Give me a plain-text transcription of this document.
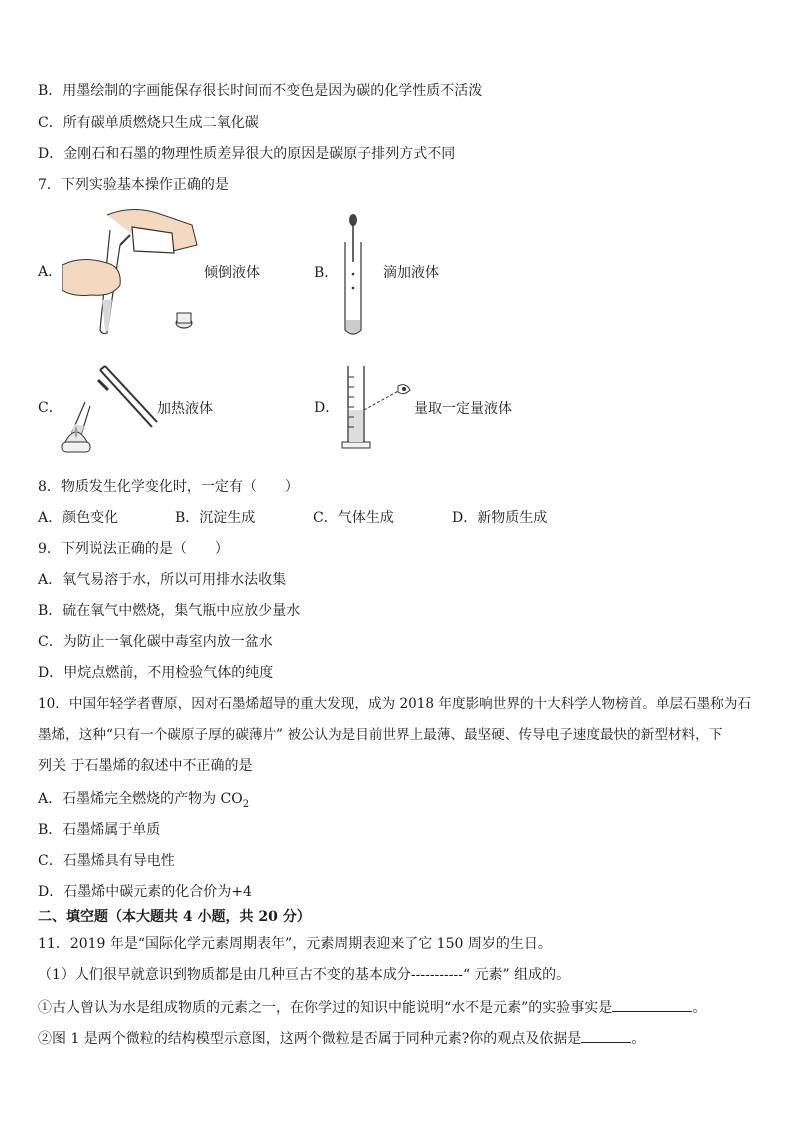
B．用墨绘制的字画能保存很长时间而不变色是因为碳的化学性质不活泼
C．所有碳单质燃烧只生成二氧化碳
D．金刚石和石墨的物理性质差异很大的原因是碳原子排列方式不同
7．下列实验基本操作正确的是
A．	倾倒液体	B．	滴加液体
C．	加热液体	D．	量取一定量液体
8．物质发生化学变化时，一定有（　　）
A．颜色变化	B．沉淀生成	C．气体生成	D．新物质生成
9．下列说法正确的是（　　）
A．氧气易溶于水，所以可用排水法收集
B．硫在氧气中燃烧，集气瓶中应放少量水
C．为防止一氧化碳中毒室内放一盆水
D．甲烷点燃前，不用检验气体的纯度
10．中国年轻学者曹原，因对石墨烯超导的重大发现，成为 2018 年度影响世界的十大科学人物榜首。单层石墨称为石
墨烯，这种“只有一个碳原子厚的碳薄片” 被公认为是目前世界上最薄、最坚硬、传导电子速度最快的新型材料，下
列关 于石墨烯的叙述中不正确的是
A．石墨烯完全燃烧的产物为 $CO_2$
B．石墨烯属于单质
C．石墨烯具有导电性
D．石墨烯中碳元素的化合价为+4
二、填空题（本大题共 4 小题，共 20 分）
11．2019 年是“国际化学元素周期表年”，元素周期表迎来了它 150 周岁的生日。
（1）人们很早就意识到物质都是由几种亘古不变的基本成分-----------“ 元素” 组成的。
①古人曾认为水是组成物质的元素之一，在你学过的知识中能说明“水不是元素”的实验事实是	。
②图 1 是两个微粒的结构模型示意图，这两个微粒是否属于同种元素?你的观点及依据是	。
